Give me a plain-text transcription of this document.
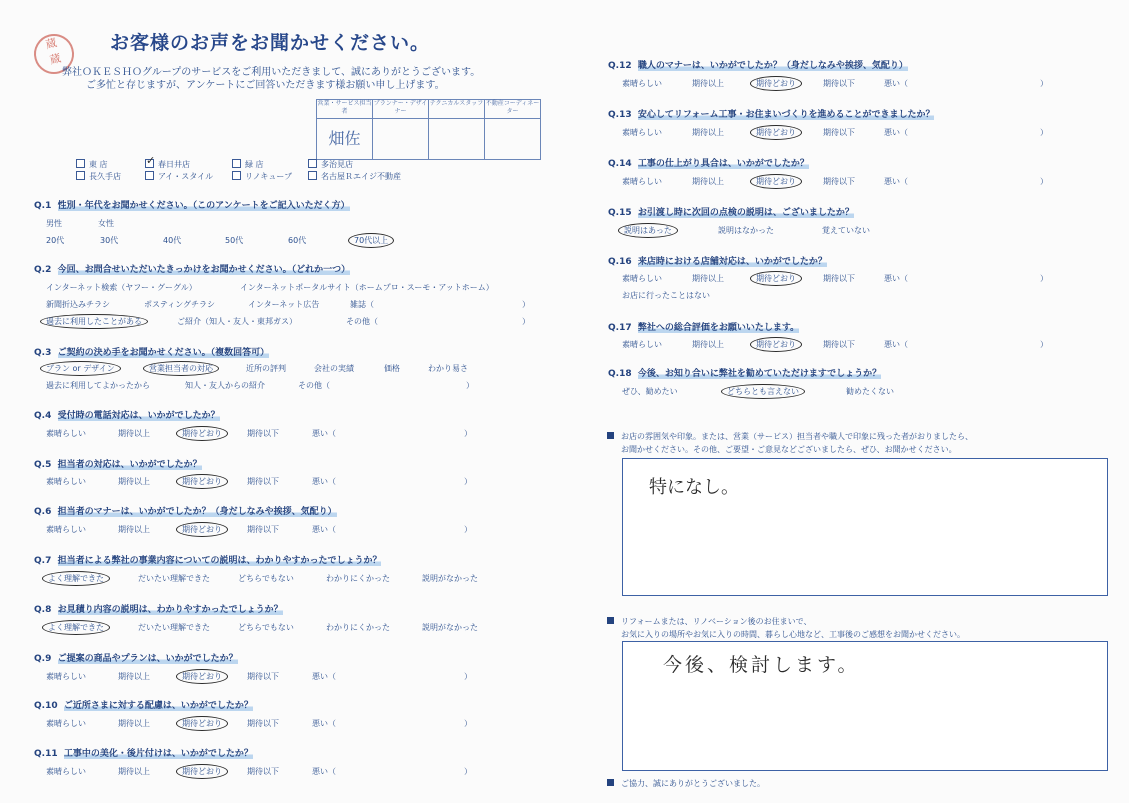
蔵
蔵
お客様のお声をお聞かせください。
弊社ＯＫＥＳＨＯグループのサービスをご利用いただきまして、誠にありがとうございます。
ご多忙と存じますが、アンケートにご回答いただきます様お願い申し上げます。
営業・サービス担当者	プランナー・デザイナー	テクニカルスタッフ	不動産コーディネーター
畑佐			
東 店	✓ 春日井店	緑 店	多治見店
長久手店	アイ・スタイル	リノキューブ	名古屋Ｒエイジ不動産
Q.1 性別・年代をお聞かせください。（このアンケートをご記入いただく方）
男性	女性
20代	30代	40代	50代	60代	70代以上
Q.2 今回、お問合せいただいたきっかけをお聞かせください。（どれか一つ）
インターネット検索（ヤフー・グーグル）	インターネットポータルサイト（ホームプロ・スーモ・アットホーム）
新聞折込みチラシ	ポスティングチラシ	インターネット広告	雑誌（	）
過去に利用したことがある	ご紹介（知人・友人・東邦ガス）	その他（	）
Q.3 ご契約の決め手をお聞かせください。（複数回答可）
プラン or デザイン	営業担当者の対応	近所の評判	会社の実績	価格	わかり易さ
過去に利用してよかったから	知人・友人からの紹介	その他（	）
Q.4 受付時の電話対応は、いかがでしたか？
素晴らしい	期待以上	期待どおり	期待以下	悪い（	）
Q.5 担当者の対応は、いかがでしたか？
素晴らしい	期待以上	期待どおり	期待以下	悪い（	）
Q.6 担当者のマナーは、いかがでしたか？（身だしなみや挨拶、気配り）
素晴らしい	期待以上	期待どおり	期待以下	悪い（	）
Q.7 担当者による弊社の事業内容についての説明は、わかりやすかったでしょうか？
よく理解できた	だいたい理解できた	どちらでもない	わかりにくかった	説明がなかった
Q.8 お見積り内容の説明は、わかりやすかったでしょうか？
よく理解できた	だいたい理解できた	どちらでもない	わかりにくかった	説明がなかった
Q.9 ご提案の商品やプランは、いかがでしたか？
素晴らしい	期待以上	期待どおり	期待以下	悪い（	）
Q.10 ご近所さまに対する配慮は、いかがでしたか？
素晴らしい	期待以上	期待どおり	期待以下	悪い（	）
Q.11 工事中の美化・後片付けは、いかがでしたか？
素晴らしい	期待以上	期待どおり	期待以下	悪い（	）
Q.12 職人のマナーは、いかがでしたか？（身だしなみや挨拶、気配り）
素晴らしい	期待以上	期待どおり	期待以下	悪い（	）
Q.13 安心してリフォーム工事・お住まいづくりを進めることができましたか？
素晴らしい	期待以上	期待どおり	期待以下	悪い（	）
Q.14 工事の仕上がり具合は、いかがでしたか？
素晴らしい	期待以上	期待どおり	期待以下	悪い（	）
Q.15 お引渡し時に次回の点検の説明は、ございましたか？
説明はあった	説明はなかった	覚えていない
Q.16 来店時における店舗対応は、いかがでしたか？
素晴らしい	期待以上	期待どおり	期待以下	悪い（	）
お店に行ったことはない
Q.17 弊社への総合評価をお願いいたします。
素晴らしい	期待以上	期待どおり	期待以下	悪い（	）
Q.18 今後、お知り合いに弊社を勧めていただけますでしょうか？
ぜひ、勧めたい	どちらとも言えない	勧めたくない
お店の雰囲気や印象。または、営業（サービス）担当者や職人で印象に残った者がおりましたら、
お聞かせください。その他、ご要望・ご意見などございましたら、ぜひ、お聞かせください。
特になし。
リフォームまたは、リノベーション後のお住まいで、
お気に入りの場所やお気に入りの時間、暮らし心地など、工事後のご感想をお聞かせください。
今後、検討します。
ご協力、誠にありがとうございました。
